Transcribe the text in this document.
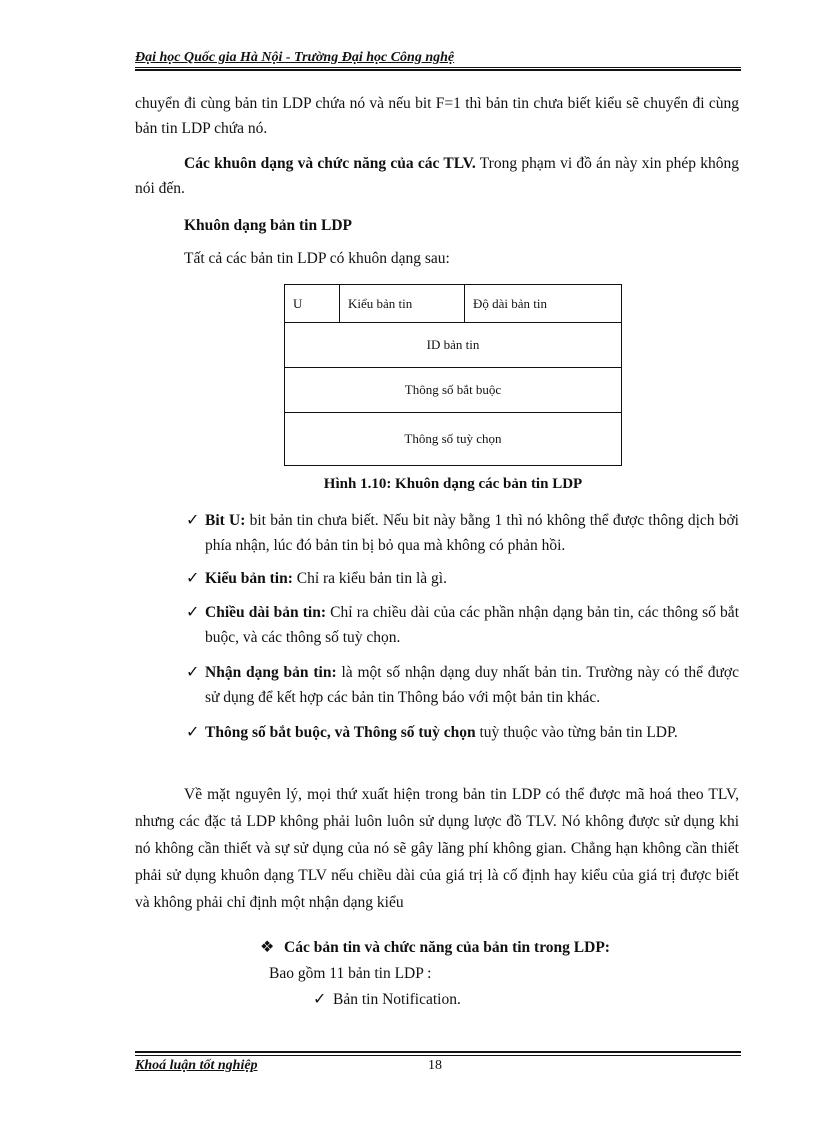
Đại học Quốc gia Hà Nội - Trường Đại học Công nghệ
chuyển đi cùng bản tin LDP chứa nó và nếu bit F=1 thì bản tin chưa biết kiểu sẽ chuyển đi cùng bản tin LDP chứa nó.
Các khuôn dạng và chức năng của các TLV. Trong phạm vi đồ án này xin phép không nói đến.
Khuôn dạng bản tin LDP
Tất cả các bản tin LDP có khuôn dạng sau:
U	Kiểu bản tin	Độ dài bản tin
ID bản tin
Thông số bắt buộc
Thông số tuỳ chọn
Hình 1.10: Khuôn dạng các bản tin LDP
✓ Bit U: bit bản tin chưa biết. Nếu bit này bằng 1 thì nó không thể được thông dịch bởi phía nhận, lúc đó bản tin bị bỏ qua mà không có phản hồi.
✓ Kiểu bản tin: Chỉ ra kiểu bản tin là gì.
✓ Chiều dài bản tin: Chỉ ra chiều dài của các phần nhận dạng bản tin, các thông số bắt buộc, và các thông số tuỳ chọn.
✓ Nhận dạng bản tin: là một số nhận dạng duy nhất bản tin. Trường này có thể được sử dụng để kết hợp các bản tin Thông báo với một bản tin khác.
✓ Thông số bắt buộc, và Thông số tuỳ chọn tuỳ thuộc vào từng bản tin LDP.
Về mặt nguyên lý, mọi thứ xuất hiện trong bản tin LDP có thể được mã hoá theo TLV, nhưng các đặc tả LDP không phải luôn luôn sử dụng lược đồ TLV. Nó không được sử dụng khi nó không cần thiết và sự sử dụng của nó sẽ gây lãng phí không gian. Chẳng hạn không cần thiết phải sử dụng khuôn dạng TLV nếu chiều dài của giá trị là cố định hay kiểu của giá trị được biết và không phải chỉ định một nhận dạng kiểu
❖ Các bản tin và chức năng của bản tin trong LDP:
Bao gồm 11 bản tin LDP :
✓ Bản tin Notification.
Khoá luận tốt nghiệp	18
